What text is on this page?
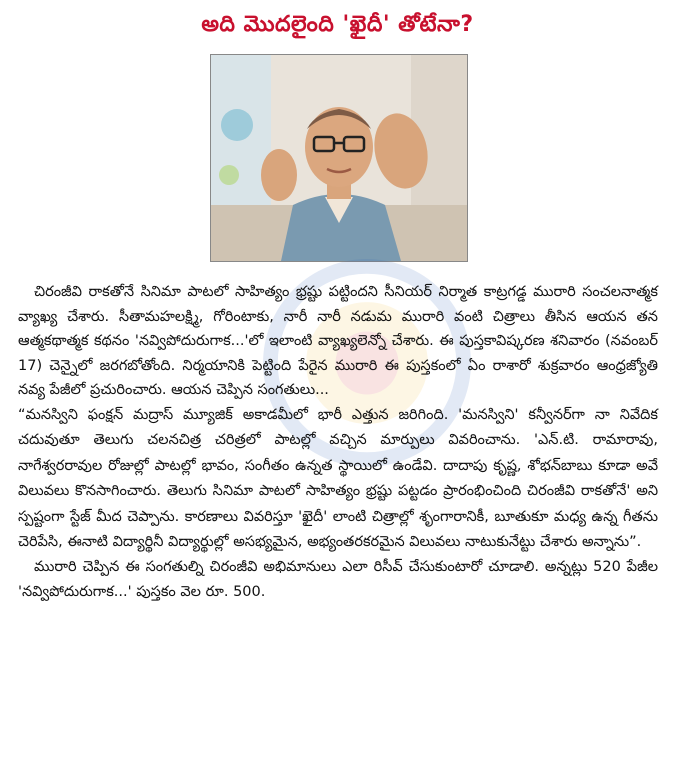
అది మొదలైంది 'ఖైదీ' తోటేనా?

చిరంజీవి రాకతోనే సినిమా పాటలో సాహిత్యం భ్రష్టు పట్టిందని సీనియర్ నిర్మాత కాట్రగడ్డ మురారి సంచలనాత్మక వ్యాఖ్య చేశారు. సీతామహలక్ష్మి, గోరింటాకు, నారీ నారీ నడుమ మురారి వంటి చిత్రాలు తీసిన ఆయన తన ఆత్మకథాత్మక కథనం 'నవ్విపోదురుగాక...'లో ఇలాంటి వ్యాఖ్యలెన్నో చేశారు. ఈ పుస్తకావిష్కరణ శనివారం (నవంబర్ 17) చెన్నైలో జరగబోతోంది. నిర్మయానికి పెట్టింది పేరైన మురారి ఈ పుస్తకంలో ఏం రాశారో శుక్రవారం ఆంధ్రజ్యోతి నవ్య పేజీలో ప్రచురించారు. ఆయన చెప్పిన సంగతులు...

“మనస్విని ఫంక్షన్ మద్రాస్ మ్యూజిక్ అకాడమీలో భారీ ఎత్తున జరిగింది. 'మనస్విని' కన్వీనర్‌గా నా నివేదిక చదువుతూ తెలుగు చలనచిత్ర చరిత్రలో పాటల్లో వచ్చిన మార్పులు వివరించాను. 'ఎన్.టి. రామారావు, నాగేశ్వరరావుల రోజుల్లో పాటల్లో భావం, సంగీతం ఉన్నత స్థాయిలో ఉండేవి. దాదాపు కృష్ణ, శోభన్‌బాబు కూడా అవే విలువలు కొనసాగించారు. తెలుగు సినిమా పాటలో సాహిత్యం భ్రష్టు పట్టడం ప్రారంభించింది చిరంజీవి రాకతోనే' అని స్పష్టంగా స్టేజ్ మీద చెప్పాను. కారణాలు వివరిస్తూ 'ఖైదీ' లాంటి చిత్రాల్లో శృంగారానికీ, బూతుకూ మధ్య ఉన్న గీతను చెరిపేసి, ఈనాటి విద్యార్థినీ విద్యార్థుల్లో అసభ్యమైన, అభ్యంతరకరమైన విలువలు నాటుకునేట్టు చేశారు అన్నాను”.

మురారి చెప్పిన ఈ సంగతుల్ని చిరంజీవి అభిమానులు ఎలా రిసీవ్ చేసుకుంటారో చూడాలి. అన్నట్లు 520 పేజీల 'నవ్విపోదురుగాక...' పుస్తకం వెల రూ. 500.
